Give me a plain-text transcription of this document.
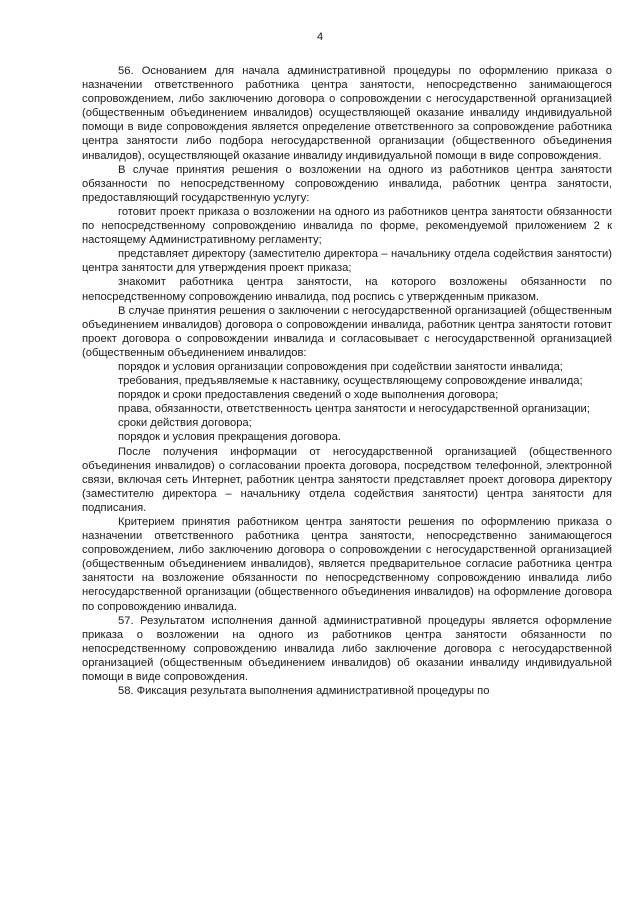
4

56. Основанием для начала административной процедуры по оформлению приказа о назначении ответственного работника центра занятости, непосредственно занимающегося сопровождением, либо заключению договора о сопровождении с негосударственной организацией (общественным объединением инвалидов) осуществляющей оказание инвалиду индивидуальной помощи в виде сопровождения является определение ответственного за сопровождение работника центра занятости либо подбора негосударственной организации (общественного объединения инвалидов), осуществляющей оказание инвалиду индивидуальной помощи в виде сопровождения.

В случае принятия решения о возложении на одного из работников центра занятости обязанности по непосредственному сопровождению инвалида, работник центра занятости, предоставляющий государственную услугу:

готовит проект приказа о возложении на одного из работников центра занятости обязанности по непосредственному сопровождению инвалида по форме, рекомендуемой приложением 2 к настоящему Административному регламенту;

представляет директору (заместителю директора – начальнику отдела содействия занятости) центра занятости для утверждения проект приказа;

знакомит работника центра занятости, на которого возложены обязанности по непосредственному сопровождению инвалида, под роспись с утвержденным приказом.

В случае принятия решения о заключении с негосударственной организацией (общественным объединением инвалидов) договора о сопровождении инвалида, работник центра занятости готовит проект договора о сопровождении инвалида и согласовывает с негосударственной организацией (общественным объединением инвалидов:

порядок и условия организации сопровождения при содействии занятости инвалида;

требования, предъявляемые к наставнику, осуществляющему сопровождение инвалида;

порядок и сроки предоставления сведений о ходе выполнения договора;

права, обязанности, ответственность центра занятости и негосударственной организации;

сроки действия договора;

порядок и условия прекращения договора.

После получения информации от негосударственной организацией (общественного объединения инвалидов) о согласовании проекта договора, посредством телефонной, электронной связи, включая сеть Интернет, работник центра занятости представляет проект договора директору (заместителю директора – начальнику отдела содействия занятости) центра занятости для подписания.

Критерием принятия работником центра занятости решения по оформлению приказа о назначении ответственного работника центра занятости, непосредственно занимающегося сопровождением, либо заключению договора о сопровождении с негосударственной организацией (общественным объединением инвалидов), является предварительное согласие работника центра занятости на возложение обязанности по непосредственному сопровождению инвалида либо негосударственной организации (общественного объединения инвалидов) на оформление договора по сопровождению инвалида.

57. Результатом исполнения данной административной процедуры является оформление приказа о возложении на одного из работников центра занятости обязанности по непосредственному сопровождению инвалида либо заключение договора с негосударственной организацией (общественным объединением инвалидов) об оказании инвалиду индивидуальной помощи в виде сопровождения.

58. Фиксация результата выполнения административной процедуры по
